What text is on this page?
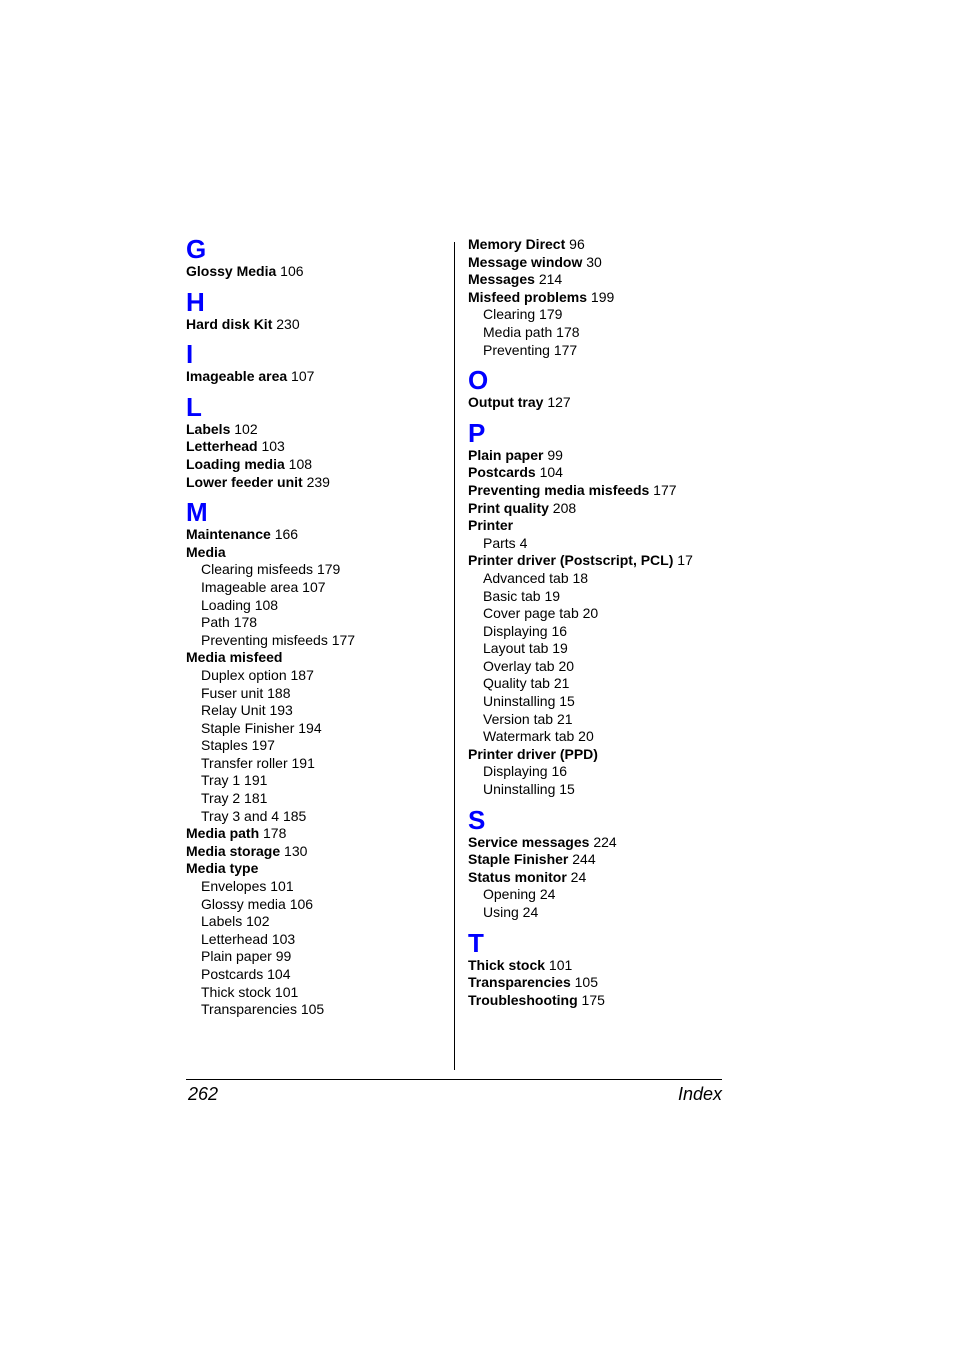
G
Glossy Media 106
H
Hard disk Kit 230
I
Imageable area 107
L
Labels 102
Letterhead 103
Loading media 108
Lower feeder unit 239
M
Maintenance 166
Media
Clearing misfeeds 179
Imageable area 107
Loading 108
Path 178
Preventing misfeeds 177
Media misfeed
Duplex option 187
Fuser unit 188
Relay Unit 193
Staple Finisher 194
Staples 197
Transfer roller 191
Tray 1 191
Tray 2 181
Tray 3 and 4 185
Media path 178
Media storage 130
Media type
Envelopes 101
Glossy media 106
Labels 102
Letterhead 103
Plain paper 99
Postcards 104
Thick stock 101
Transparencies 105
Memory Direct 96
Message window 30
Messages 214
Misfeed problems 199
Clearing 179
Media path 178
Preventing 177
O
Output tray 127
P
Plain paper 99
Postcards 104
Preventing media misfeeds 177
Print quality 208
Printer
Parts 4
Printer driver (Postscript, PCL) 17
Advanced tab 18
Basic tab 19
Cover page tab 20
Displaying 16
Layout tab 19
Overlay tab 20
Quality tab 21
Uninstalling 15
Version tab 21
Watermark tab 20
Printer driver (PPD)
Displaying 16
Uninstalling 15
S
Service messages 224
Staple Finisher 244
Status monitor 24
Opening 24
Using 24
T
Thick stock 101
Transparencies 105
Troubleshooting 175
262	Index
